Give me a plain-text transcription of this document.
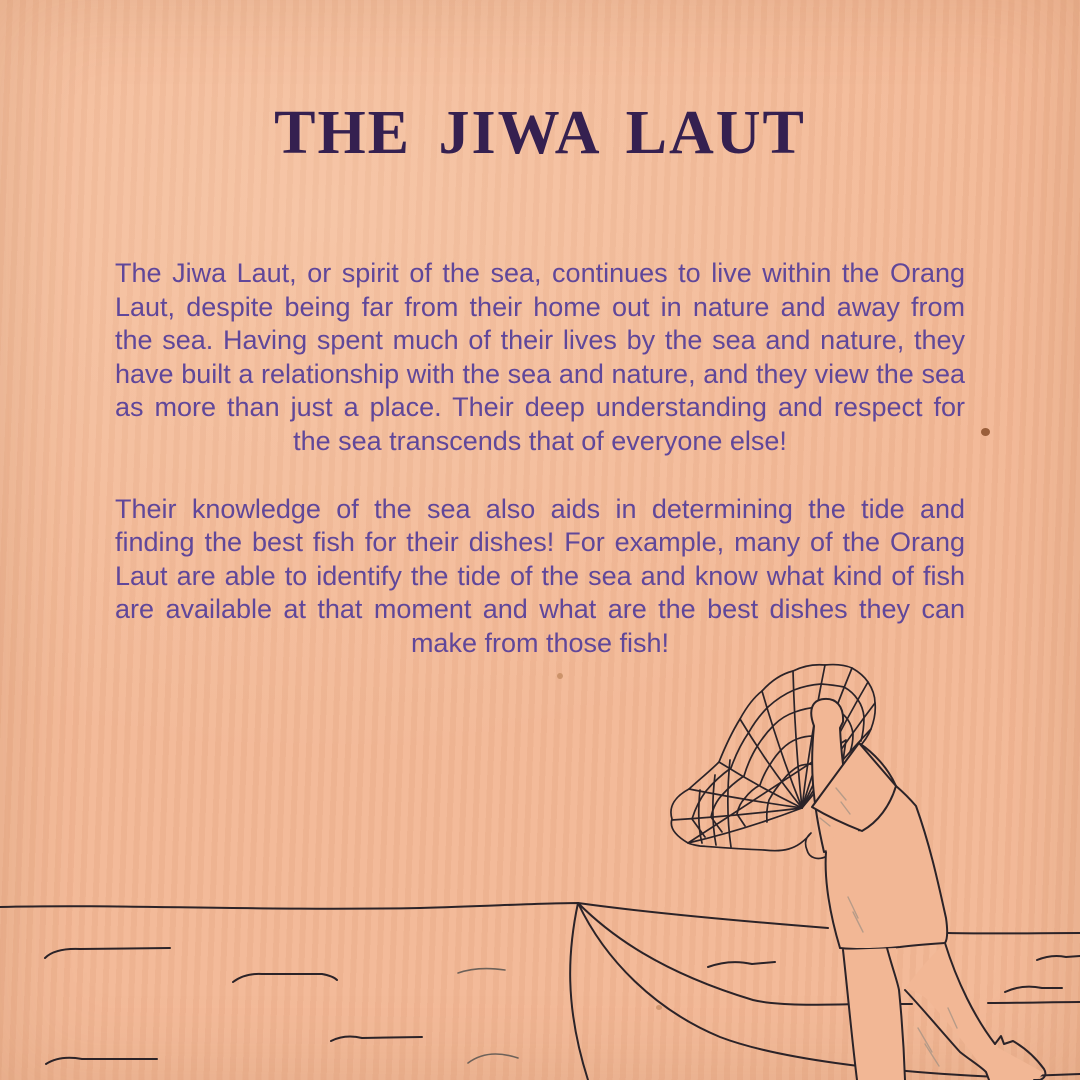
THE JIWA LAUT

The Jiwa Laut, or spirit of the sea, continues to live within the Orang Laut, despite being far from their home out in nature and away from the sea. Having spent much of their lives by the sea and nature, they have built a relationship with the sea and nature, and they view the sea as more than just a place. Their deep understanding and respect for the sea transcends that of everyone else!

Their knowledge of the sea also aids in determining the tide and finding the best fish for their dishes! For example, many of the Orang Laut are able to identify the tide of the sea and know what kind of fish are available at that moment and what are the best dishes they can make from those fish!
